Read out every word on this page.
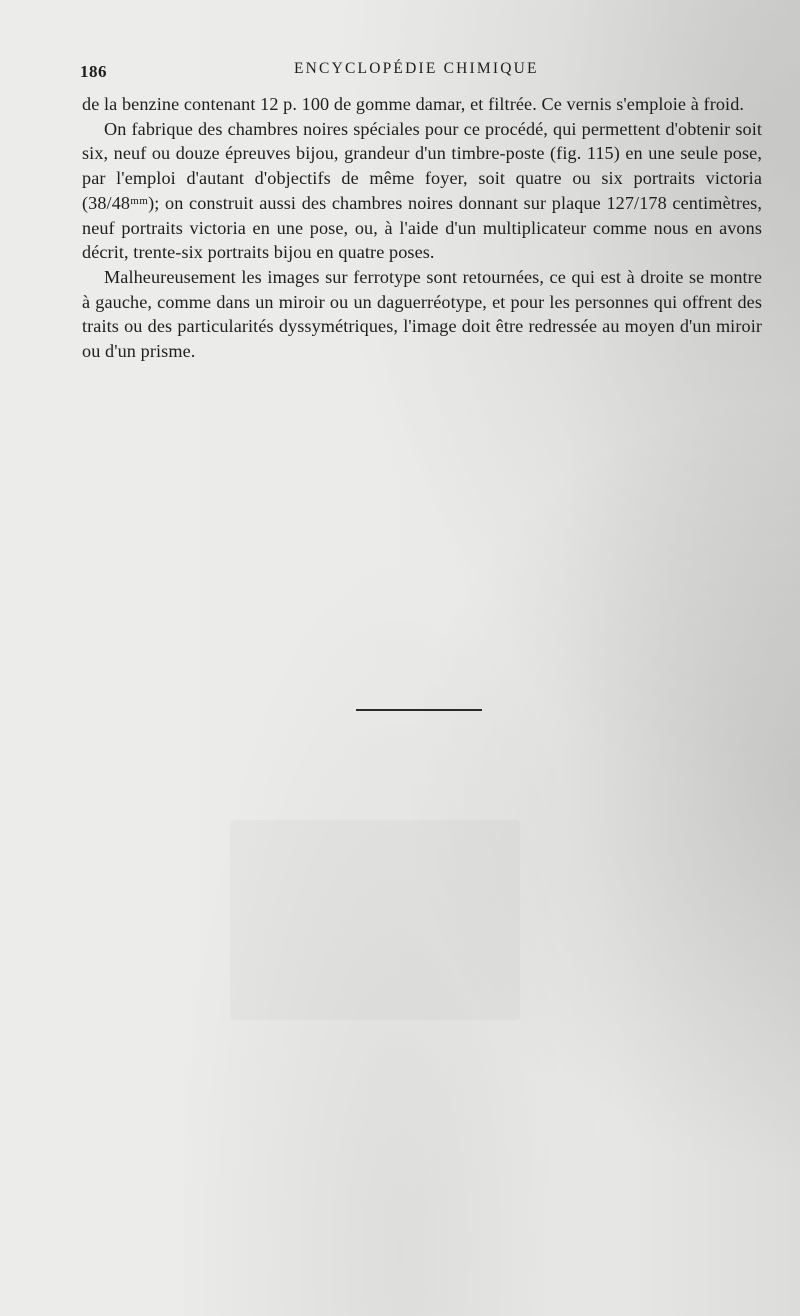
186	ENCYCLOPÉDIE CHIMIQUE

de la benzine contenant 12 p. 100 de gomme damar, et filtrée. Ce vernis s'emploie à froid.

On fabrique des chambres noires spéciales pour ce procédé, qui permettent d'obtenir soit six, neuf ou douze épreuves bijou, grandeur d'un timbre-poste (fig. 115) en une seule pose, par l'emploi d'autant d'objectifs de même foyer, soit quatre ou six portraits victoria (38/48ᵐᵐ); on construit aussi des chambres noires donnant sur plaque 127/178 centimètres, neuf portraits victoria en une pose, ou, à l'aide d'un multiplicateur comme nous en avons décrit, trente-six portraits bijou en quatre poses.

Malheureusement les images sur ferrotype sont retournées, ce qui est à droite se montre à gauche, comme dans un miroir ou un daguerréotype, et pour les personnes qui offrent des traits ou des particularités dyssymétriques, l'image doit être redressée au moyen d'un miroir ou d'un prisme.
